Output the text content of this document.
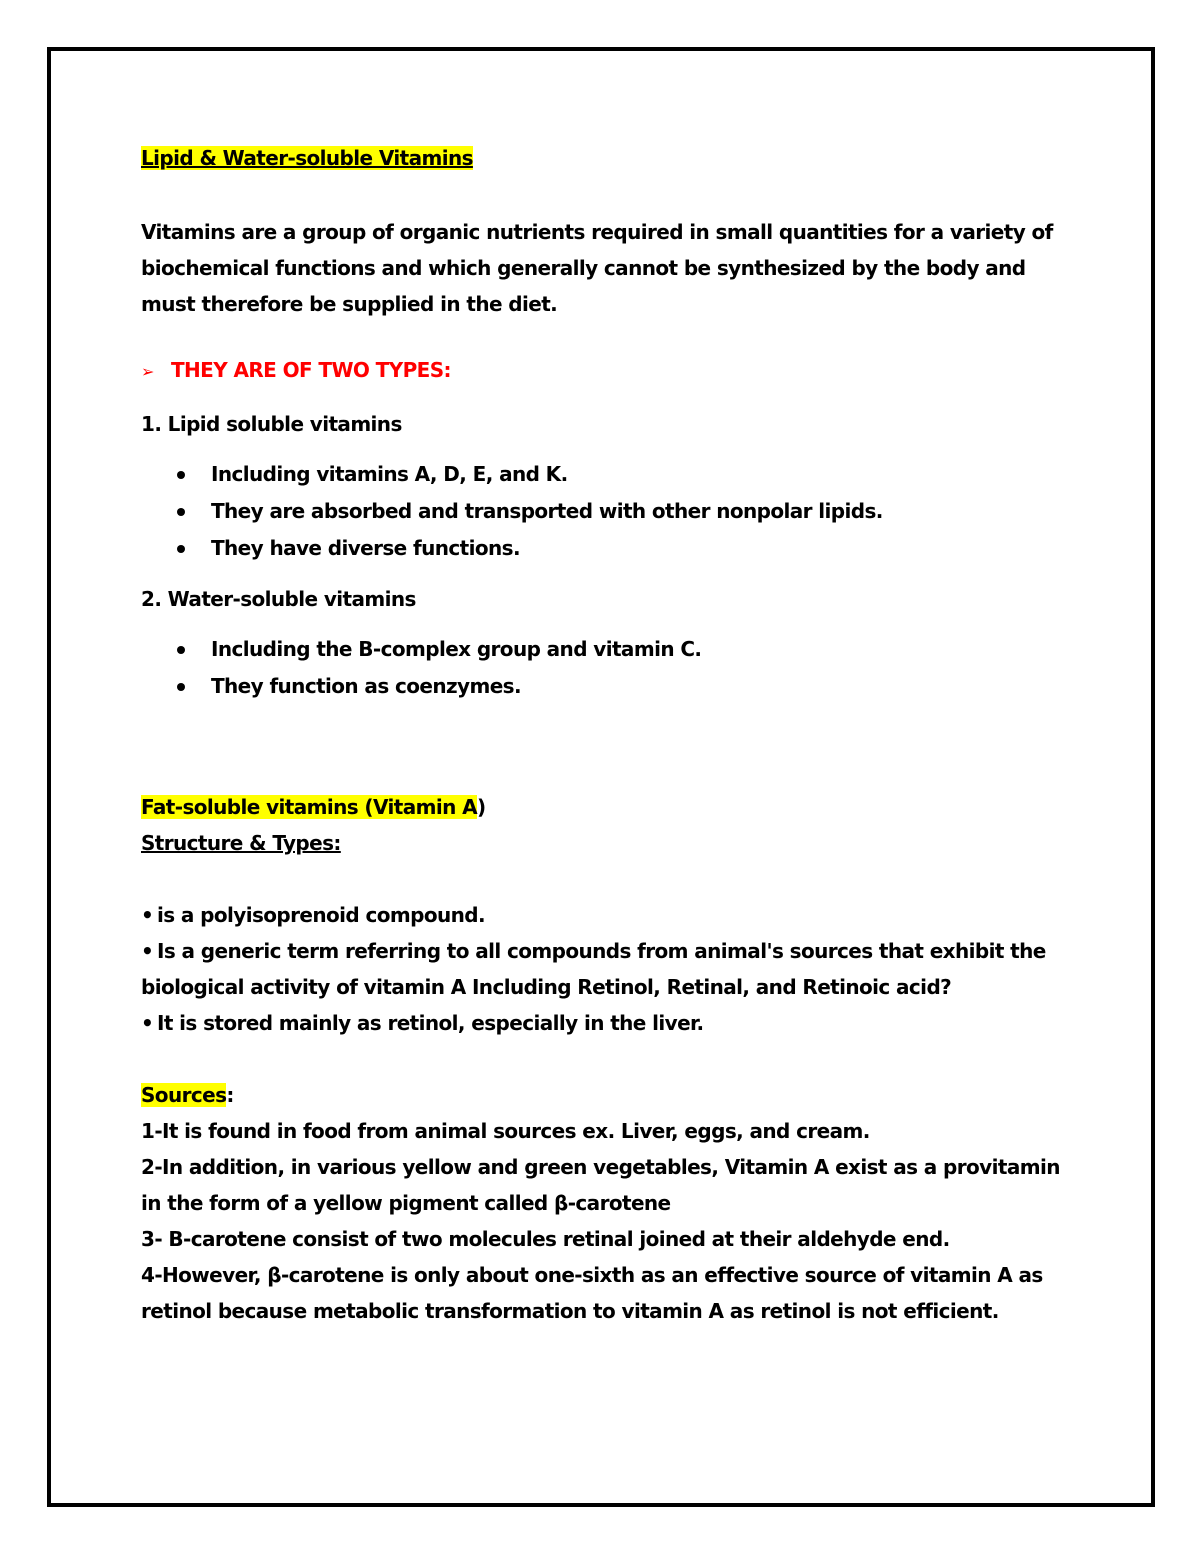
Lipid & Water-soluble Vitamins

Vitamins are a group of organic nutrients required in small quantities for a variety of biochemical functions and which generally cannot be synthesized by the body and must therefore be supplied in the diet.

➢ THEY ARE OF TWO TYPES:

1. Lipid soluble vitamins

Including vitamins A, D, E, and K.
They are absorbed and transported with other nonpolar lipids.
They have diverse functions.

2. Water-soluble vitamins

Including the B-complex group and vitamin C.
They function as coenzymes.

Fat-soluble vitamins (Vitamin A)

Structure & Types:

• is a polyisoprenoid compound.

• Is a generic term referring to all compounds from animal's sources that exhibit the biological activity of vitamin A Including Retinol, Retinal, and Retinoic acid?

• It is stored mainly as retinol, especially in the liver.

Sources:

1-It is found in food from animal sources ex. Liver, eggs, and cream.

2-In addition, in various yellow and green vegetables, Vitamin A exist as a provitamin in the form of a yellow pigment called β-carotene

3- B-carotene consist of two molecules retinal joined at their aldehyde end.

4-However, β-carotene is only about one-sixth as an effective source of vitamin A as retinol because metabolic transformation to vitamin A as retinol is not efficient.
